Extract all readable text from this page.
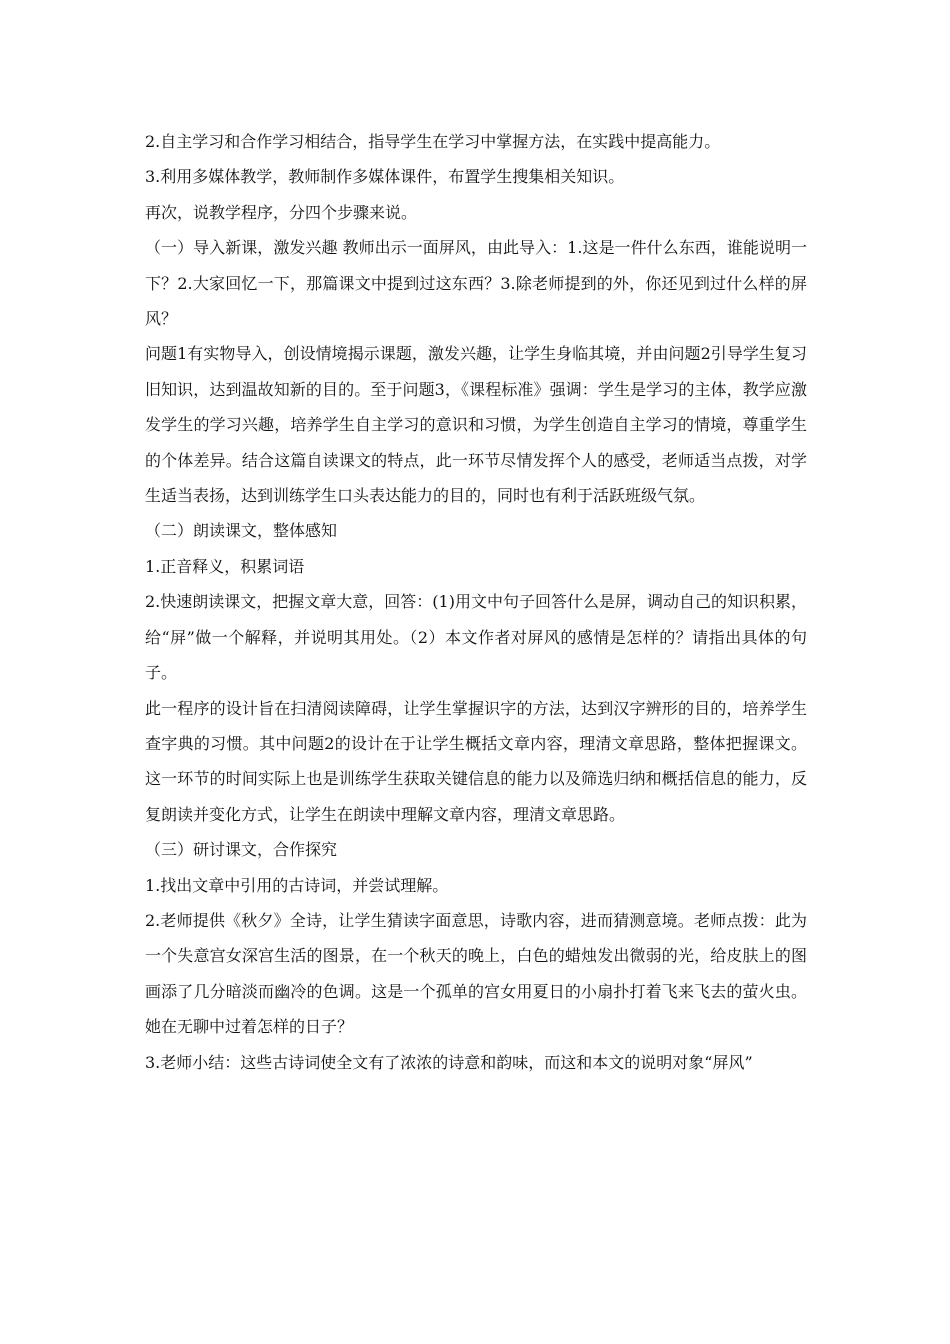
2.自主学习和合作学习相结合，指导学生在学习中掌握方法，在实践中提高能力。

3.利用多媒体教学，教师制作多媒体课件，布置学生搜集相关知识。

再次，说教学程序，分四个步骤来说。

（一）导入新课，激发兴趣 教师出示一面屏风，由此导入：1.这是一件什么东西，谁能说明一下？2.大家回忆一下，那篇课文中提到过这东西？3.除老师提到的外，你还见到过什么样的屏风？

问题1有实物导入，创设情境揭示课题，激发兴趣，让学生身临其境，并由问题2引导学生复习旧知识，达到温故知新的目的。至于问题3，《课程标准》强调：学生是学习的主体，教学应激发学生的学习兴趣，培养学生自主学习的意识和习惯，为学生创造自主学习的情境，尊重学生的个体差异。结合这篇自读课文的特点，此一环节尽情发挥个人的感受，老师适当点拨，对学生适当表扬，达到训练学生口头表达能力的目的，同时也有利于活跃班级气氛。

（二）朗读课文，整体感知

1.正音释义，积累词语

2.快速朗读课文，把握文章大意，回答：(1)用文中句子回答什么是屏，调动自己的知识积累，给“屏”做一个解释，并说明其用处。（2）本文作者对屏风的感情是怎样的？请指出具体的句子。

此一程序的设计旨在扫清阅读障碍，让学生掌握识字的方法，达到汉字辨形的目的，培养学生查字典的习惯。其中问题2的设计在于让学生概括文章内容，理清文章思路，整体把握课文。这一环节的时间实际上也是训练学生获取关键信息的能力以及筛选归纳和概括信息的能力，反复朗读并变化方式，让学生在朗读中理解文章内容，理清文章思路。

（三）研讨课文，合作探究

1.找出文章中引用的古诗词，并尝试理解。

2.老师提供《秋夕》全诗，让学生猜读字面意思，诗歌内容，进而猜测意境。老师点拨：此为一个失意宫女深宫生活的图景，在一个秋天的晚上，白色的蜡烛发出微弱的光，给皮肤上的图画添了几分暗淡而幽冷的色调。这是一个孤单的宫女用夏日的小扇扑打着飞来飞去的萤火虫。她在无聊中过着怎样的日子？

3.老师小结：这些古诗词使全文有了浓浓的诗意和韵味，而这和本文的说明对象“屏风”
